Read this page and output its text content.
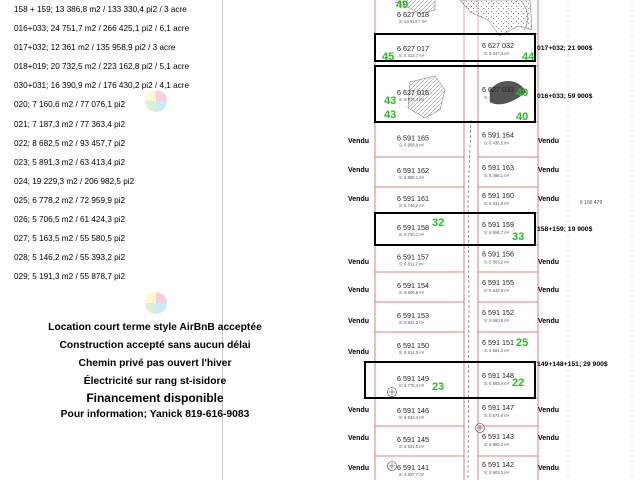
158 + 159; 13 386,8 m2 / 133 330,4 pi2 / 3 acre
016+033; 24 751,7 m2 / 266 425,1 pi2 / 6,1 acre
017+032; 12 361 m2 / 135 958,9 pi2 / 3 acre
018+019; 20 732,5 m2 / 223 162,8 pi2 / 5,1 acre
030+031; 16 390,9 m2 / 176 430,2 pi2 / 4,1 acre
020; 7 160,6 m2 / 77 076,1 pi2
021; 7 187,3 m2 / 77 363,4 pi2
022; 8 682,5 m2 / 93 457,7 pi2
023; 5 891,3 m2 / 63 413,4 pi2
024; 19 229,3 m2 / 206 982,5 pi2
025; 6 778,2 m2 / 72 959,9 pi2
026; 5 706,5 m2 / 61 424,3 pi2
027; 5 163,5 m2 / 55 580,5 pi2
028; 5 146,2 m2 / 55 393,2 pi2
029; 5 191,3 m2 / 55 878,7 pi2
Location court terme style AirBnB acceptée
Construction accepté sans aucun délai
Chemin privé pas ouvert l'hiver
Électricité sur rang st-isidore
Financement disponible
Pour information; Yanick 819-616-9083
6 166 479
6 627 018
S: 13 614,7 m²
6 627 017
S: 6 413,7 m²
6 627 032
S: 6 047,3 m²
6 627 016
S: 8 876,4 m²
6 627 033
S: 12 144,6 m²
6 591 165
S: 6 958,9 m²
6 591 164
S: 6 436,5 m²
6 591 162
S: 6 886,1 m²
6 591 163
S: 6 486,1 m²
6 591 161
S: 6 746,2 m²
6 591 160
S: 6 631,9 m²
6 591 158
S: 6 730,1 m²
6 591 159
S: 6 656,7 m²
6 591 157
S: 6 811,7 m²
6 591 156
S: 5 563,2 m²
6 591 154
S: 6 806,6 m²
6 591 155
S: 5 542,0 m²
6 591 153
S: 6 843,2 m²
6 591 152
S: 5 560,8 m²
6 591 150
S: 6 814,0 m²
6 591 151
S: 5 591,3 m²
6 591 149
S: 6 775,4 m²
6 591 148
S: 5 693,4 m²
6 591 146
S: 6 632,4 m²
6 591 147
S: 5 574,8 m²
6 591 145
S: 6 531,0 m²
6 591 143
S: 5 880,3 m²
6 591 141
S: 4 507,7 m²
6 591 142
S: 5 603,3 m²
49
45	44
43
43
40
40
32
33
25
23	22
Vendu
Vendu
Vendu
Vendu
Vendu
Vendu
Vendu
Vendu
Vendu
Vendu
Vendu
Vendu
Vendu
Vendu
Vendu
Vendu
Vendu
Vendu
Vendu
017+032; 21 900$
016+033; 59 900$
158+159; 19 900$
149+148+151; 29 900$
